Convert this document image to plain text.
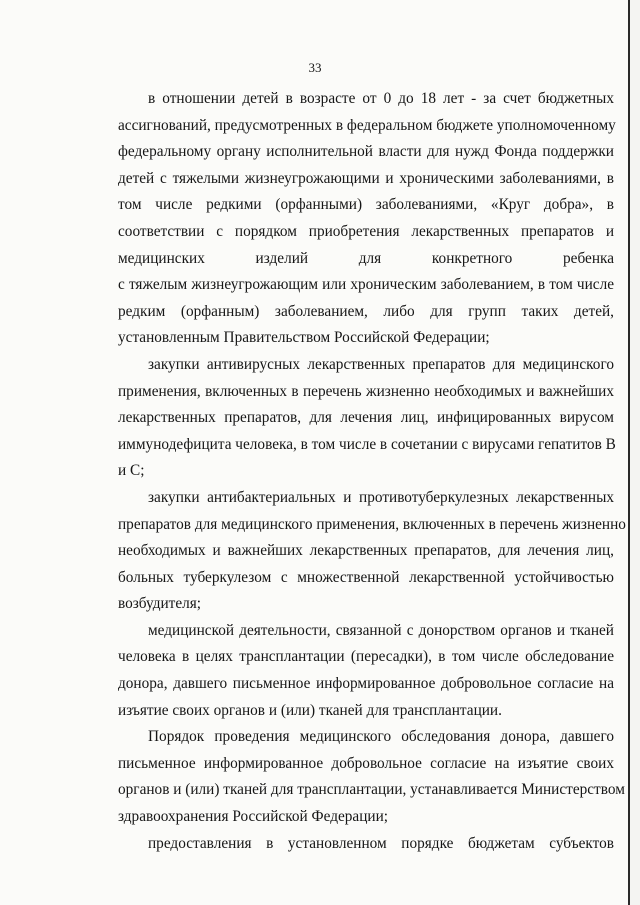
33
в отношении детей в возрасте от 0 до 18 лет - за счет бюджетных
ассигнований, предусмотренных в федеральном бюджете уполномоченному
федеральному органу исполнительной власти для нужд Фонда поддержки
детей с тяжелыми жизнеугрожающими и хроническими заболеваниями, в
том числе редкими (орфанными) заболеваниями, «Круг добра», в
соответствии с порядком приобретения лекарственных препаратов и
медицинских изделий для конкретного ребенка
с тяжелым жизнеугрожающим или хроническим заболеванием, в том числе
редким (орфанным) заболеванием, либо для групп таких детей,
установленным Правительством Российской Федерации;
закупки антивирусных лекарственных препаратов для медицинского
применения, включенных в перечень жизненно необходимых и важнейших
лекарственных препаратов, для лечения лиц, инфицированных вирусом
иммунодефицита человека, в том числе в сочетании с вирусами гепатитов В
и С;
закупки антибактериальных и противотуберкулезных лекарственных
препаратов для медицинского применения, включенных в перечень жизненно
необходимых и важнейших лекарственных препаратов, для лечения лиц,
больных туберкулезом с множественной лекарственной устойчивостью
возбудителя;
медицинской деятельности, связанной с донорством органов и тканей
человека в целях трансплантации (пересадки), в том числе обследование
донора, давшего письменное информированное добровольное согласие на
изъятие своих органов и (или) тканей для трансплантации.
Порядок проведения медицинского обследования донора, давшего
письменное информированное добровольное согласие на изъятие своих
органов и (или) тканей для трансплантации, устанавливается Министерством
здравоохранения Российской Федерации;
предоставления в установленном порядке бюджетам субъектов
